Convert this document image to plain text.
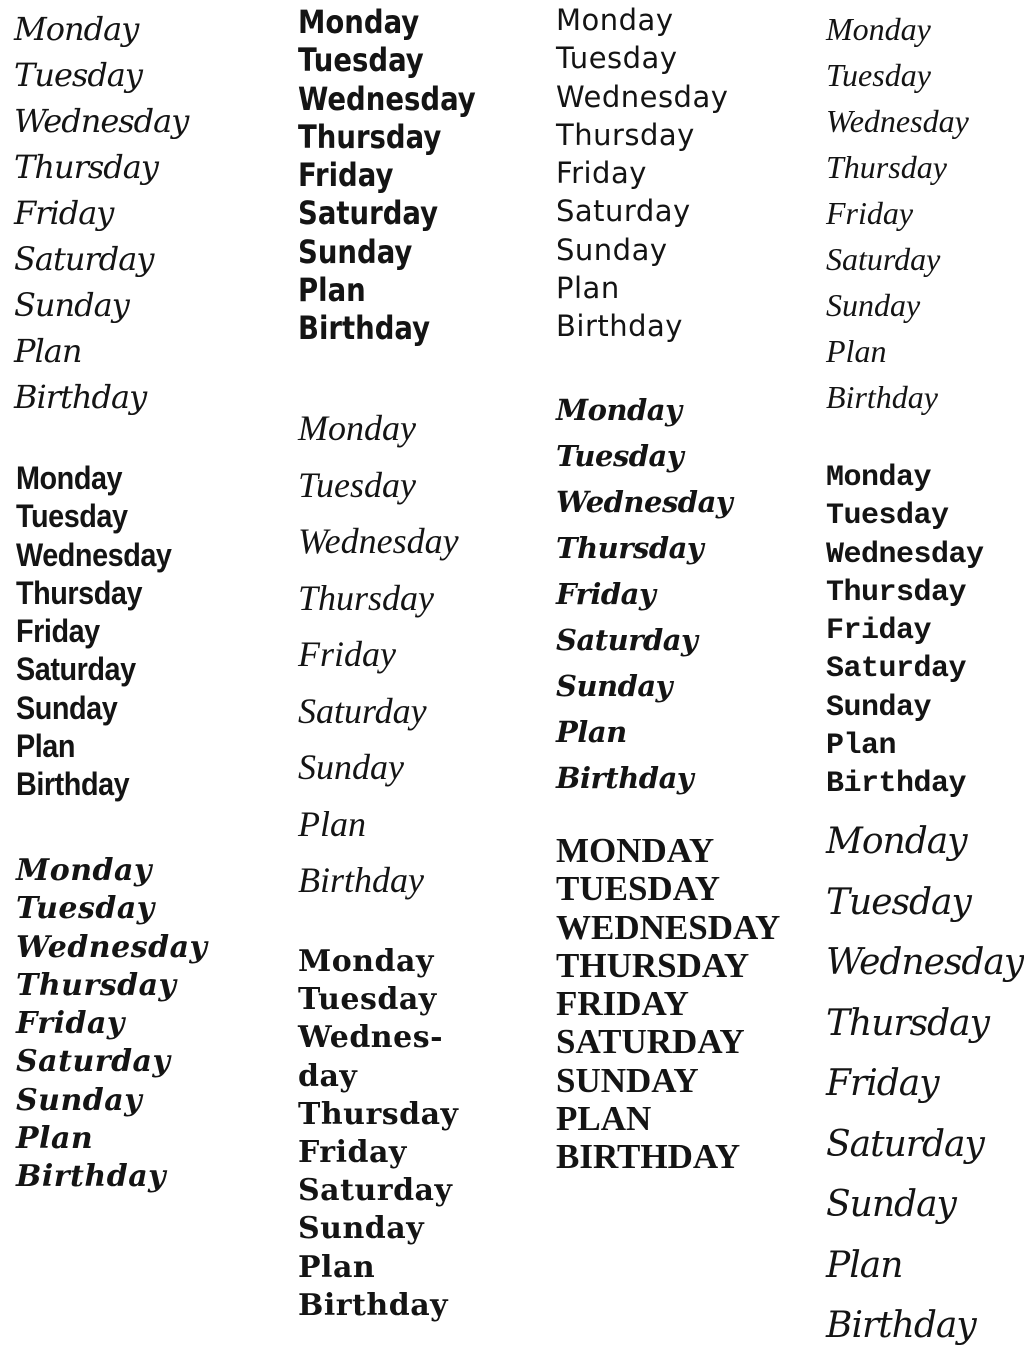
Monday
Tuesday
Wednesday
Thursday
Friday
Saturday
Sunday
Plan
Birthday
Monday
Tuesday
Wednesday
Thursday
Friday
Saturday
Sunday
Plan
Birthday
Monday
Tuesday
Wednesday
Thursday
Friday
Saturday
Sunday
Plan
Birthday
Monday
Tuesday
Wednesday
Thursday
Friday
Saturday
Sunday
Plan
Birthday
Monday
Tuesday
Wednesday
Thursday
Friday
Saturday
Sunday
Plan
Birthday
Monday
Tuesday
Wednes-
day
Thursday
Friday
Saturday
Sunday
Plan
Birthday
Monday
Tuesday
Wednesday
Thursday
Friday
Saturday
Sunday
Plan
Birthday
Monday
Tuesday
Wednesday
Thursday
Friday
Saturday
Sunday
Plan
Birthday
MONDAY
TUESDAY
WEDNESDAY
THURSDAY
FRIDAY
SATURDAY
SUNDAY
PLAN
BIRTHDAY
Monday
Tuesday
Wednesday
Thursday
Friday
Saturday
Sunday
Plan
Birthday
Monday
Tuesday
Wednesday
Thursday
Friday
Saturday
Sunday
Plan
Birthday
Monday
Tuesday
Wednesday
Thursday
Friday
Saturday
Sunday
Plan
Birthday
